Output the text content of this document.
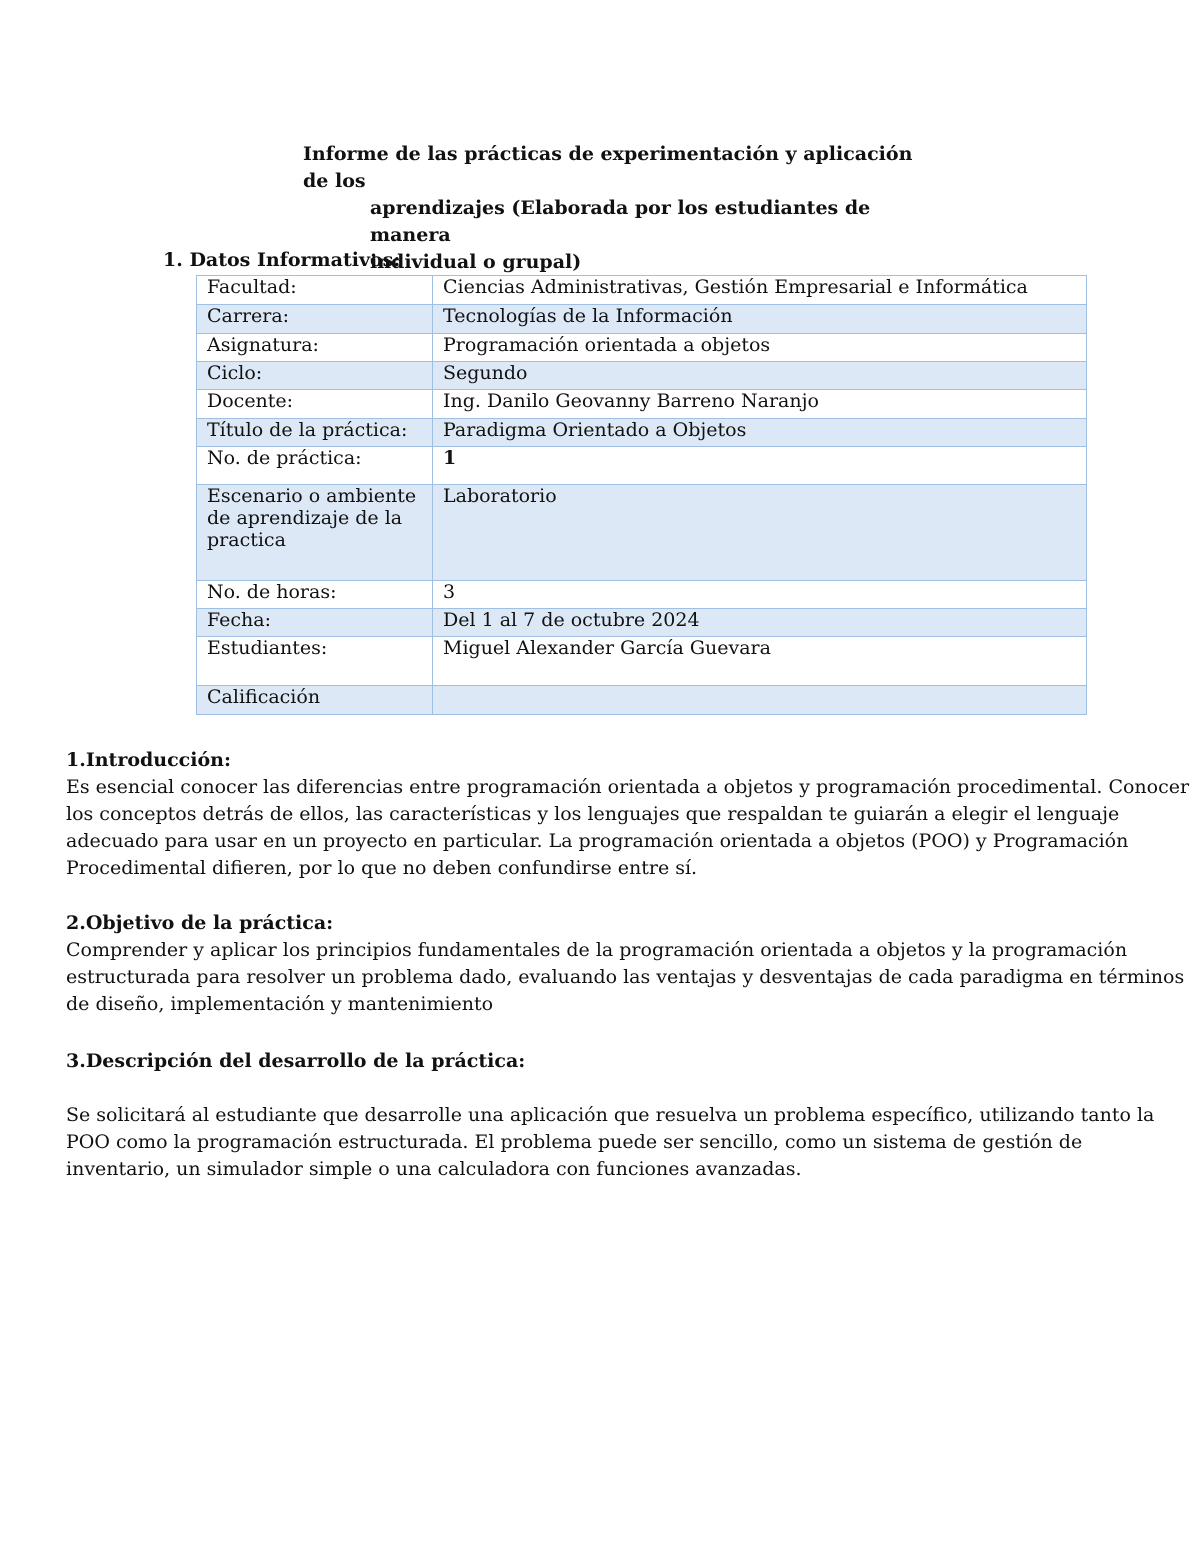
Informe de las prácticas de experimentación y aplicación de los
aprendizajes (Elaborada por los estudiantes de manera
individual o grupal)
1. Datos Informativos:
Facultad:	Ciencias Administrativas, Gestión Empresarial e Informática
Carrera:	Tecnologías de la Información
Asignatura:	Programación orientada a objetos
Ciclo:	Segundo
Docente:	Ing. Danilo Geovanny Barreno Naranjo
Título de la práctica:	Paradigma Orientado a Objetos
No. de práctica:	1
Escenario o ambiente de aprendizaje de la practica	Laboratorio
No. de horas:	3
Fecha:	Del 1 al 7 de octubre 2024
Estudiantes:	Miguel Alexander García Guevara
Calificación	
1.Introducción:
Es esencial conocer las diferencias entre programación orientada a objetos y programación procedimental. Conocer los conceptos detrás de ellos, las características y los lenguajes que respaldan te guiarán a elegir el lenguaje adecuado para usar en un proyecto en particular. La programación orientada a objetos (POO) y Programación Procedimental difieren, por lo que no deben confundirse entre sí.
2.Objetivo de la práctica:
Comprender y aplicar los principios fundamentales de la programación orientada a objetos y la programación estructurada para resolver un problema dado, evaluando las ventajas y desventajas de cada paradigma en términos de diseño, implementación y mantenimiento
3.Descripción del desarrollo de la práctica:
Se solicitará al estudiante que desarrolle una aplicación que resuelva un problema específico, utilizando tanto la POO como la programación estructurada. El problema puede ser sencillo, como un sistema de gestión de inventario, un simulador simple o una calculadora con funciones avanzadas.
